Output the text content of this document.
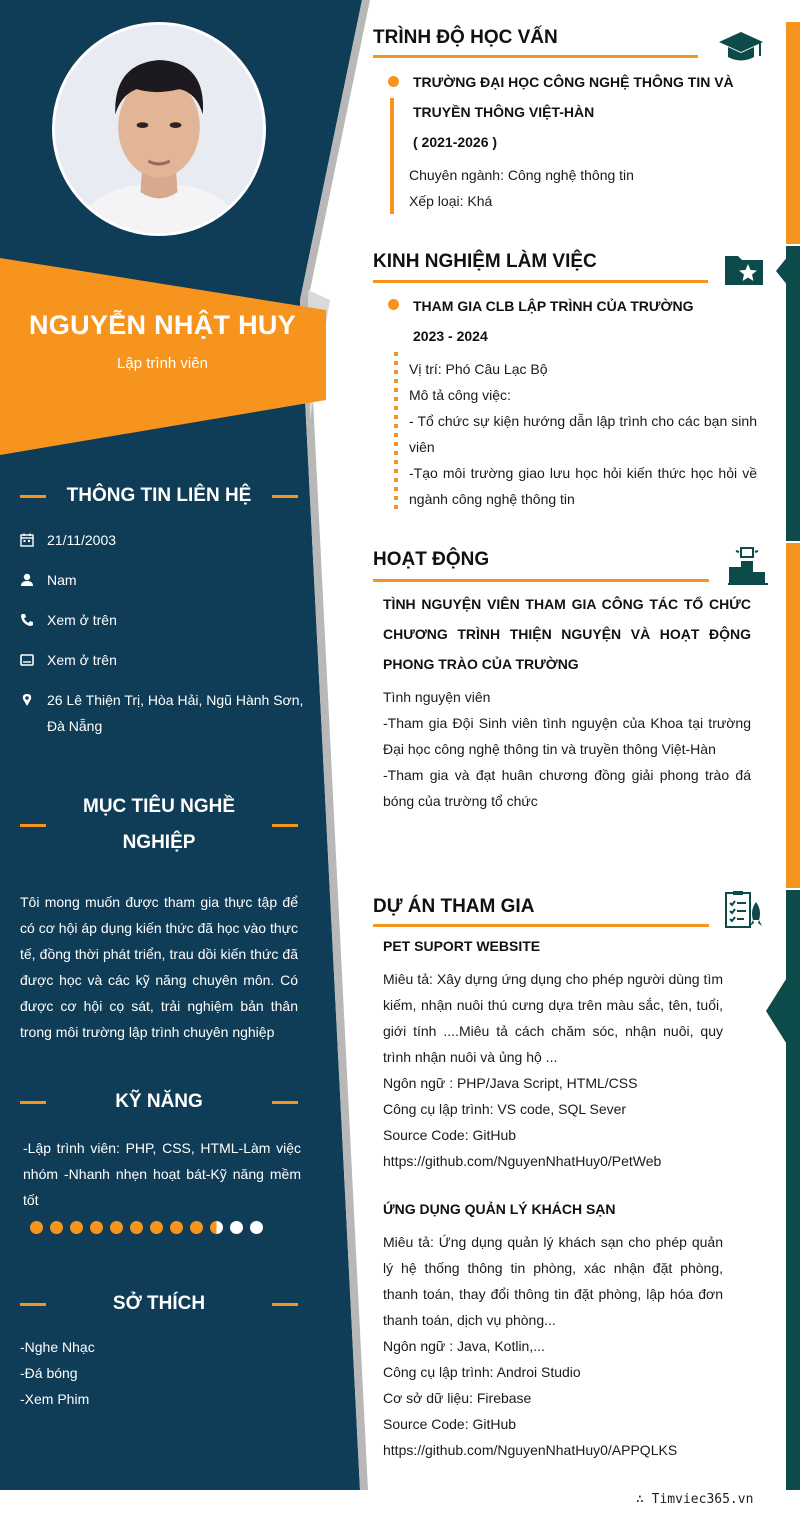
NGUYỄN NHẬT HUY
Lập trình viên
THÔNG TIN LIÊN HỆ
21/11/2003
Nam
Xem ở trên
Xem ở trên
26 Lê Thiện Trị, Hòa Hải, Ngũ Hành Sơn, Đà Nẵng
MỤC TIÊU NGHỀ
NGHIỆP
Tôi mong muốn được tham gia thực tập để có cơ hội áp dụng kiến thức đã học vào thực tế, đồng thời phát triển, trau dồi kiến thức đã được học và các kỹ năng chuyên môn. Có được cơ hội cọ sát, trải nghiệm bản thân trong môi trường lập trình chuyên nghiệp
KỸ NĂNG
-Lập trình viên: PHP, CSS, HTML-Làm việc nhóm -Nhanh nhẹn hoạt bát-Kỹ năng mềm tốt
SỞ THÍCH
-Nghe Nhạc
-Đá bóng
-Xem Phim
TRÌNH ĐỘ HỌC VẤN
TRƯỜNG ĐẠI HỌC CÔNG NGHỆ THÔNG TIN VÀ
TRUYỀN THÔNG VIỆT-HÀN
( 2021-2026 )
Chuyên ngành: Công nghệ thông tin
Xếp loại: Khá
KINH NGHIỆM LÀM VIỆC
THAM GIA CLB LẬP TRÌNH CỦA TRƯỜNG
2023 - 2024
Vị trí: Phó Câu Lạc Bộ
Mô tả công việc:
- Tổ chức sự kiện hướng dẫn lập trình cho các bạn sinh viên
-Tạo môi trường giao lưu học hỏi kiến thức học hỏi về ngành công nghệ thông tin
HOẠT ĐỘNG
TÌNH NGUYỆN VIÊN THAM GIA CÔNG TÁC TỔ CHỨC CHƯƠNG TRÌNH THIỆN NGUYỆN VÀ HOẠT ĐỘNG PHONG TRÀO CỦA TRƯỜNG
Tình nguyện viên
-Tham gia Đội Sinh viên tình nguyện của Khoa tại trường Đại học công nghệ thông tin và truyền thông Việt-Hàn
-Tham gia và đạt huân chương đồng giải phong trào đá bóng của trường tổ chức
DỰ ÁN THAM GIA
PET SUPORT WEBSITE
Miêu tả: Xây dựng ứng dụng cho phép người dùng tìm kiếm, nhận nuôi thú cưng dựa trên màu sắc, tên, tuổi, giới tính ....Miêu tả cách chăm sóc, nhận nuôi, quy trình nhận nuôi và ủng hộ ...
Ngôn ngữ : PHP/Java Script, HTML/CSS
Công cụ lập trình: VS code, SQL Sever
Source Code: GitHub
https://github.com/NguyenNhatHuy0/PetWeb
ỨNG DỤNG QUẢN LÝ KHÁCH SẠN
Miêu tả: Ứng dụng quản lý khách sạn cho phép quản lý hệ thống thông tin phòng, xác nhận đặt phòng, thanh toán, thay đổi thông tin đặt phòng, lập hóa đơn thanh toán, dịch vụ phòng...
Ngôn ngữ : Java, Kotlin,...
Công cụ lập trình: Androi Studio
Cơ sở dữ liệu: Firebase
Source Code: GitHub
https://github.com/NguyenNhatHuy0/APPQLKS
∴ Timviec365.vn
